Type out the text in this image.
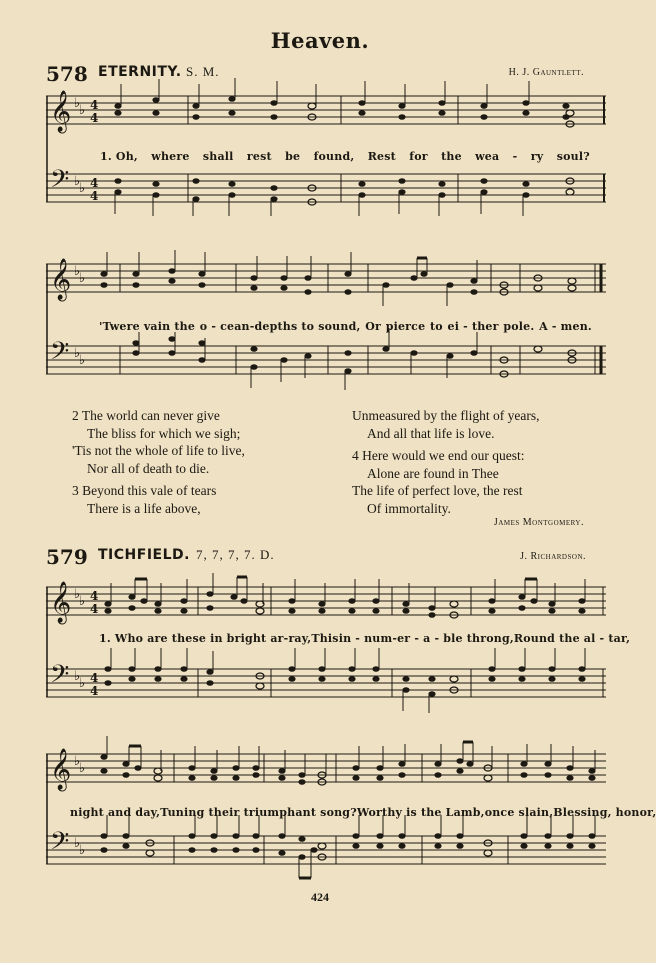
Heaven.
578 ETERNITY. S. M.	H. J. Gauntlett.
𝄞
𝄢
♭
♭
♭
♭
4
4
4
4
1. Oh, where shall rest be found, Rest for the wea - ry soul?
𝄞
𝄢
♭
♭
♭
♭
'Twere vain the o - cean-depths to sound, Or pierce to ei - ther pole. A - men.
2 The world can never give
The bliss for which we sigh;
'Tis not the whole of life to live,
Nor all of death to die.
3 Beyond this vale of tears
There is a life above,
Unmeasured by the flight of years,
And all that life is love.
4 Here would we end our quest:
Alone are found in Thee
The life of perfect love, the rest
Of immortality.
James Montgomery.
579 TICHFIELD. 7, 7, 7, 7. D.	J. Richardson.
𝄞
𝄢
♭
♭
♭
♭
4
4
4
4
1. Who are these in bright ar-ray, This in - num-er - a - ble throng, Round the al - tar,
𝄞
𝄢
♭
♭
♭
♭
night and day, Tuning their triumphant song? Worthy is the Lamb, once slain, Blessing, honor,
424
